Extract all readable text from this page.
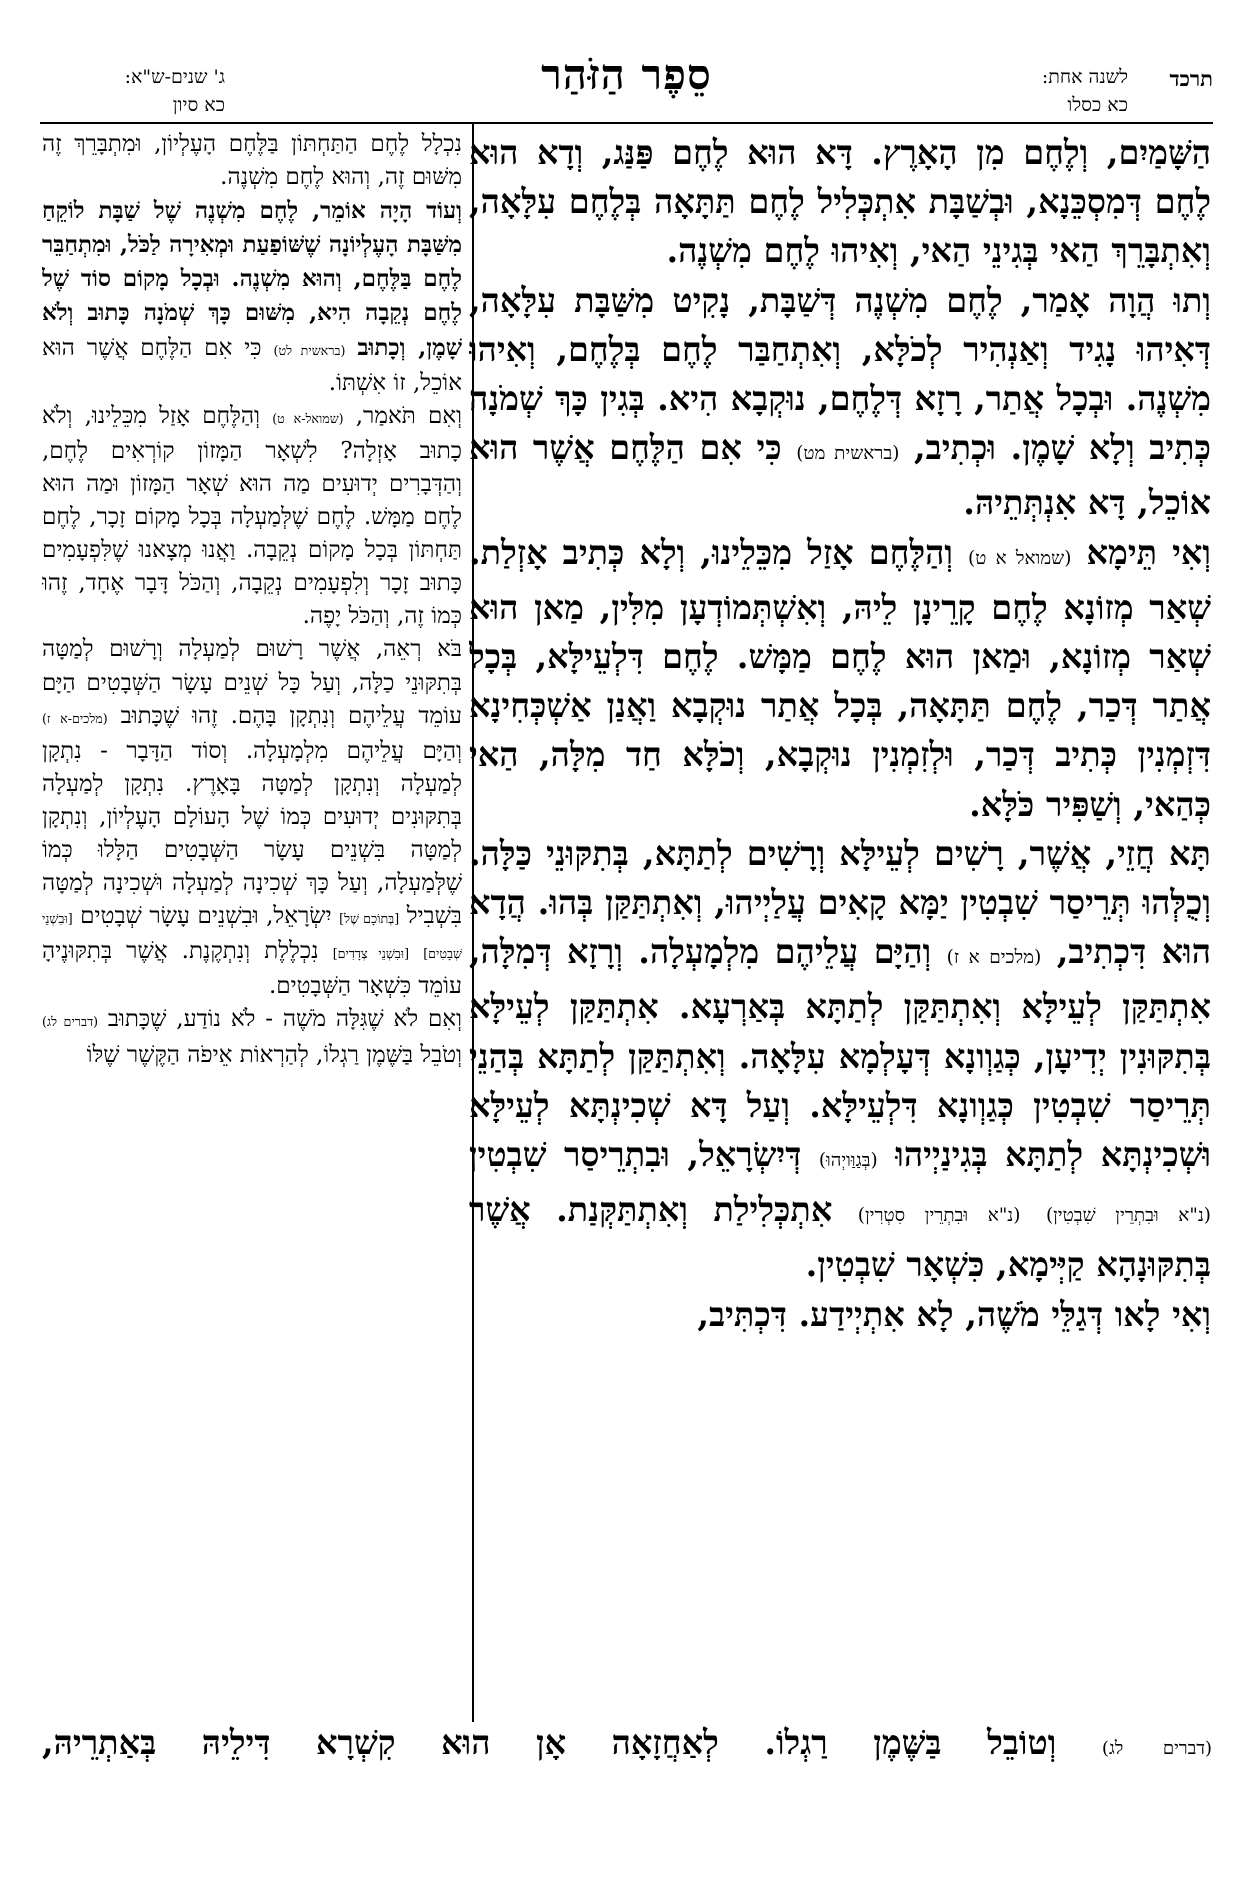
תרכד
לשנה אחת:
כא כסלו
סֵפֶר הַזֹּהַר
ג' שנים-ש"א:
כא סיון

הַשָּׁמַיִם, וְלֶחֶם מִן הָאָרֶץ. דָּא הוּא לֶחֶם פַּנַּג, וְדָא הוּא לֶחֶם דְּמִסְכֵּנָא, וּבְשַׁבָּת אִתְכְּלִיל לֶחֶם תַּתָּאָה בְּלֶחֶם עִלָּאָה, וְאִתְבָּרֵךְ הַאי בְּגִינֵי הַאי, וְאִיהוּ לֶחֶם מִשְׁנֶה.

וְתוּ הֲוָה אָמַר, לֶחֶם מִשְׁנֶה דְּשַׁבָּת, נָקִיט מִשַּׁבָּת עִלָּאָה, דְּאִיהוּ נָגִיד וְאַנְהִיר לְכֹלָּא, וְאִתְחַבַּר לֶחֶם בְּלֶחֶם, וְאִיהוּ מִשְׁנֶה. וּבְכָל אֲתַר, רָזָא דְּלֶחֶם, נוּקְבָא הִיא. בְּגִין כָּךְ שְׁמֹנָה כְּתִיב וְלָא שָׁמֶן. וּכְתִיב, (בראשית מט) כִּי אִם הַלֶּחֶם אֲשֶׁר הוּא אוֹכֵל, דָּא אִנְתְּתֵיהּ.

וְאִי תֵּימָא (שמואל א ט) וְהַלֶּחֶם אָזַל מִכֵּלֵינוּ, וְלָא כְּתִיב אָזְלַת. שְׁאַר מְזוֹנָא לֶחֶם קָרֵינָן לֵיהּ, וְאִשְׁתְּמוֹדְעָן מִלִּין, מַאן הוּא שְׁאַר מְזוֹנָא, וּמַאן הוּא לֶחֶם מַמָּשׁ. לֶחֶם דִּלְעֵילָּא, בְּכָל אֲתַר דְּכַר, לֶחֶם תַּתָּאָה, בְּכָל אֲתַר נוּקְבָא וַאֲנַן אַשְׁכְּחִינָא דִּזְמְנִין כְּתִיב דְּכַר, וּלְזִמְנִין נוּקְבָא, וְכֹלָּא חַד מִלָּה, הַאי כְּהַאי, וְשַׁפִּיר כֹּלָּא.

תָּא חֲזֵי, אֲשֶׁר, רָשִׁים לְעֵילָּא וְרָשִׁים לְתַתָּא, בְּתִקּוּנֵי כַּלָּה. וְכֻלְּהוּ תְּרֵיסַר שִׁבְטִין יַמָּא קָאִים עֲלַיְיהוּ, וְאִתְתַּקַּן בְּהוּ. הֲדָא הוּא דִּכְתִיב, (מלכים א ז) וְהַיָּם עֲלֵיהֶם מִלְמָעְלָה. וְרָזָא דְּמִלָּה, אִתְתַּקַּן לְעֵילָּא וְאִתְתַּקַּן לְתַתָּא בְּאַרְעָא. אִתְתַּקַּן לְעֵילָּא בְּתִקּוּנִין יְדִיעָן, כְּגַוְונָא דְּעָלְמָא עִלָּאָה. וְאִתְתַּקַּן לְתַתָּא בְּהַנֵי תְּרֵיסַר שִׁבְטִין כְּגַוְונָא דִּלְעֵילָּא. וְעַל דָּא שְׁכִינְתָּא לְעֵילָּא וּשְׁכִינְתָּא לְתַתָּא בְּגִינַיְיהוּ (בְּגַוַּויְהוּ) דְּיִשְׂרָאֵל, וּבִתְרֵיסַר שִׁבְטִין (נ"א וּבִתְרֵין שִׁבְטִין) (נ"א וּבִתְרֵין סִטְרִין) אִתְכְּלִילַת וְאִתְתַּקְּנַת. אֲשֶׁר בְּתִקּוּנָהָא קַיְּימָא, כִּשְׁאָר שִׁבְטִין.

וְאִי לָאו דְּגַלֵּי מֹשֶׁה, לָא אִתְיְידַע. דִּכְתִּיב,

נִכְלָל לֶחֶם הַתַּחְתּוֹן בַּלֶּחֶם הָעֶלְיוֹן, וּמִתְבָּרֵךְ זֶה מִשּׁוּם זֶה, וְהוּא לֶחֶם מִשְׁנֶה.

וְעוֹד הָיָה אוֹמֵר, לֶחֶם מִשְׁנֶה שֶׁל שַׁבָּת לוֹקֵחַ מִשַּׁבָּת הָעֶלְיוֹנָה שֶׁשּׁוֹפַעַת וּמְאִירָה לַכֹּל, וּמִתְחַבֵּר לֶחֶם בַּלֶּחֶם, וְהוּא מִשְׁנֶה. וּבְכָל מָקוֹם סוֹד שֶׁל לֶחֶם נְקֵבָה הִיא, מִשּׁוּם כָּךְ שְׁמֹנָה כָּתוּב וְלֹא שָׁמֶן, וְכָתוּב (בראשית לט) כִּי אִם הַלֶּחֶם אֲשֶׁר הוּא אוֹכֵל, זוֹ אִשְׁתּוֹ.

וְאִם תֹּאמַר, (שמואל-א ט) וְהַלֶּחֶם אָזַל מִכֵּלֵינוּ, וְלֹא כָתוּב אָזְלָה? לִשְׁאָר הַמָּזוֹן קוֹרְאִים לֶחֶם, וְהַדְּבָרִים יְדוּעִים מַה הוּא שְׁאָר הַמָּזוֹן וּמַה הוּא לֶחֶם מַמָּשׁ. לֶחֶם שֶׁלְּמַעְלָה בְּכָל מָקוֹם זָכָר, לֶחֶם תַּחְתּוֹן בְּכָל מָקוֹם נְקֵבָה. וַאֲנוּ מְצָאנוּ שֶׁלִּפְעָמִים כָּתוּב זָכָר וְלִפְעָמִים נְקֵבָה, וְהַכֹּל דָּבָר אֶחָד, זֶהוּ כְּמוֹ זֶה, וְהַכֹּל יָפֶה.

בֹּא רְאֵה, אֲשֶׁר רָשׁוּם לְמַעְלָה וְרָשׁוּם לְמַטָּה בְּתִקּוּנֵי כַלָּה, וְעַל כָּל שְׁנֵים עָשָׂר הַשְּׁבָטִים הַיָּם עוֹמֵד עֲלֵיהֶם וְנִתְקָן בָּהֶם. זֶהוּ שֶׁכָּתוּב (מלכים-א ז) וְהַיָּם עֲלֵיהֶם מִלְמָעְלָה. וְסוֹד הַדָּבָר - נִתְקָן לְמַעְלָה וְנִתְקָן לְמַטָּה בָּאָרֶץ. נִתְקָן לְמַעְלָה בְּתִקּוּנִים יְדוּעִים כְּמוֹ שֶׁל הָעוֹלָם הָעֶלְיוֹן, וְנִתְקָן לְמַטָּה בִּשְׁנֵים עָשָׂר הַשְּׁבָטִים הַלָּלוּ כְּמוֹ שֶׁלְּמַעְלָה, וְעַל כָּךְ שְׁכִינָה לְמַעְלָה וּשְׁכִינָה לְמַטָּה בִּשְׁבִיל [בְּתוֹכָם שֶׁל] יִשְׂרָאֵל, וּבִשְׁנֵים עָשָׂר שְׁבָטִים [וּבִשְׁנֵי שְׁבָטִים] [וּבִשְׁנֵי צְדָדִים] נִכְלֶלֶת וְנִתְקֶנֶת. אֲשֶׁר בְּתִקּוּנֶיהָ עוֹמֵד כִּשְׁאָר הַשְּׁבָטִים.

וְאִם לֹא שֶׁגִּלָּה מֹשֶׁה - לֹא נוֹדַע, שֶׁכָּתוּב (דברים לג) וְטֹבֵל בַּשֶּׁמֶן רַגְלוֹ, לְהַרְאוֹת אֵיפֹה הַקֶּשֶׁר שֶׁלּוֹ

(דברים לג) וְטוֹבֵל בַּשֶּׁמֶן רַגְלוֹ. לְאַחֲזָאָה אָן הוּא קִשְׁרָא דִּילֵיהּ בְּאַתְרֵיהּ,
